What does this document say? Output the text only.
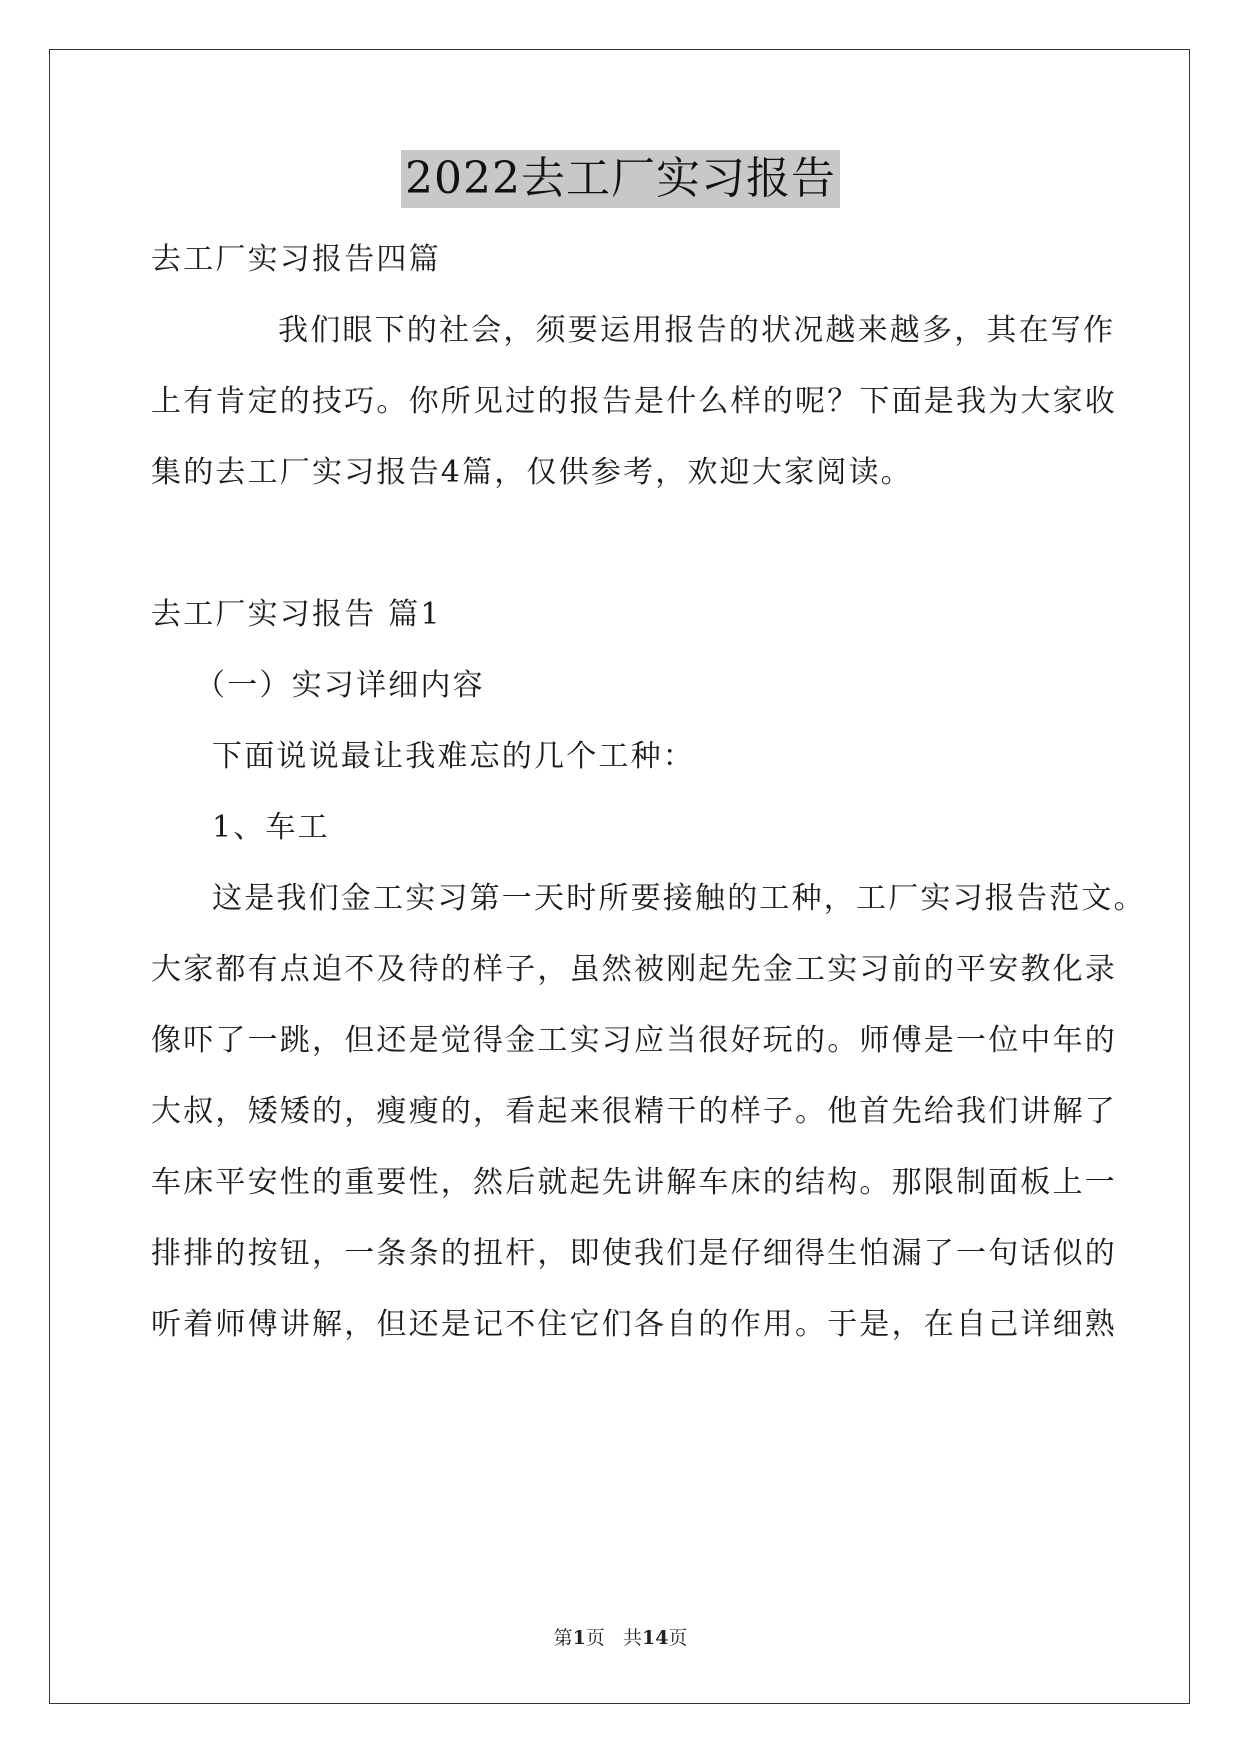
2022去工厂实习报告
去工厂实习报告四篇
我们眼下的社会，须要运用报告的状况越来越多，其在写作
上有肯定的技巧。你所见过的报告是什么样的呢？下面是我为大家收
集的去工厂实习报告4篇，仅供参考，欢迎大家阅读。
去工厂实习报告 篇1
（一）实习详细内容
下面说说最让我难忘的几个工种：
1、车工
这是我们金工实习第一天时所要接触的工种，工厂实习报告范文。
大家都有点迫不及待的样子，虽然被刚起先金工实习前的平安教化录
像吓了一跳，但还是觉得金工实习应当很好玩的。师傅是一位中年的
大叔，矮矮的，瘦瘦的，看起来很精干的样子。他首先给我们讲解了
车床平安性的重要性，然后就起先讲解车床的结构。那限制面板上一
排排的按钮，一条条的扭杆，即使我们是仔细得生怕漏了一句话似的
听着师傅讲解，但还是记不住它们各自的作用。于是，在自己详细熟
第1页 共14页
